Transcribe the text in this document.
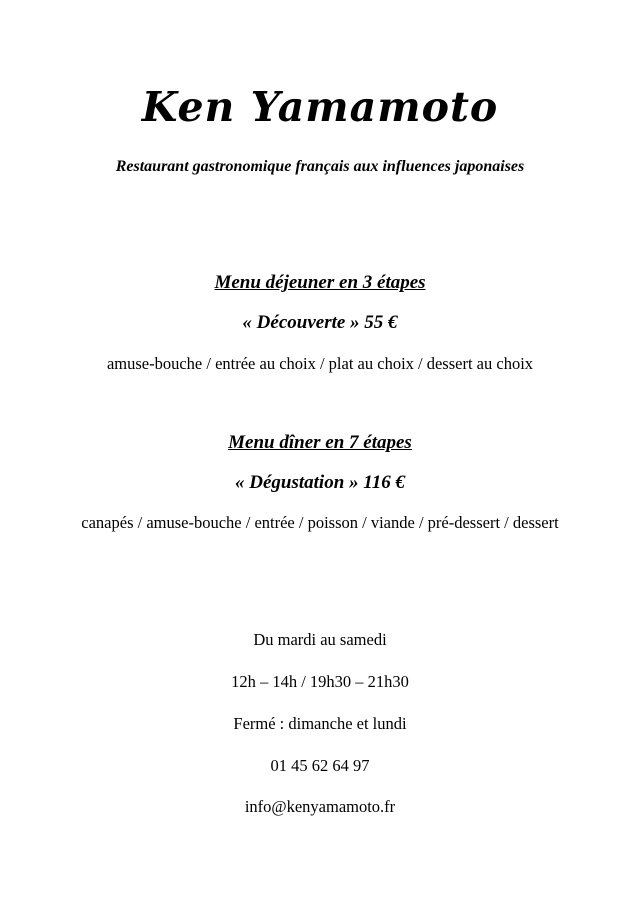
Ken Yamamoto
Restaurant gastronomique français aux influences japonaises
Menu déjeuner en 3 étapes
« Découverte » 55 €
amuse-bouche / entrée au choix / plat au choix / dessert au choix
Menu dîner en 7 étapes
« Dégustation » 116 €
canapés / amuse-bouche / entrée / poisson / viande / pré-dessert / dessert
Du mardi au samedi
12h – 14h / 19h30 – 21h30
Fermé : dimanche et lundi
01 45 62 64 97
info@kenyamamoto.fr
